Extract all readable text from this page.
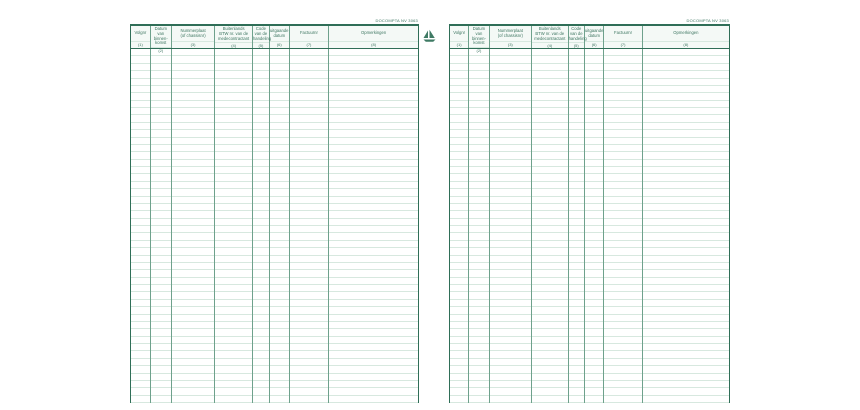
DOCOMPTA NV 3063
Volgnr
(1)
Datum
van binnen-
komst
(2)
Nummerplaat
(of chassisnr)
(3)
Buitenlands
BTW nr. van de
medecontractant
(4)
Code
van de
handeling
(5)
uitgaande
datum
(6)
Factuurnr
(7)
Opmerkingen
(8)
DOCOMPTA NV 3063
Volgnr
(1)
Datum
van binnen-
komst
(2)
Nummerplaat
(of chassisnr)
(3)
Buitenlands
BTW nr. van de
medecontractant
(4)
Code
van de
handeling
(5)
uitgaande
datum
(6)
Factuurnr
(7)
Opmerkingen
(8)
